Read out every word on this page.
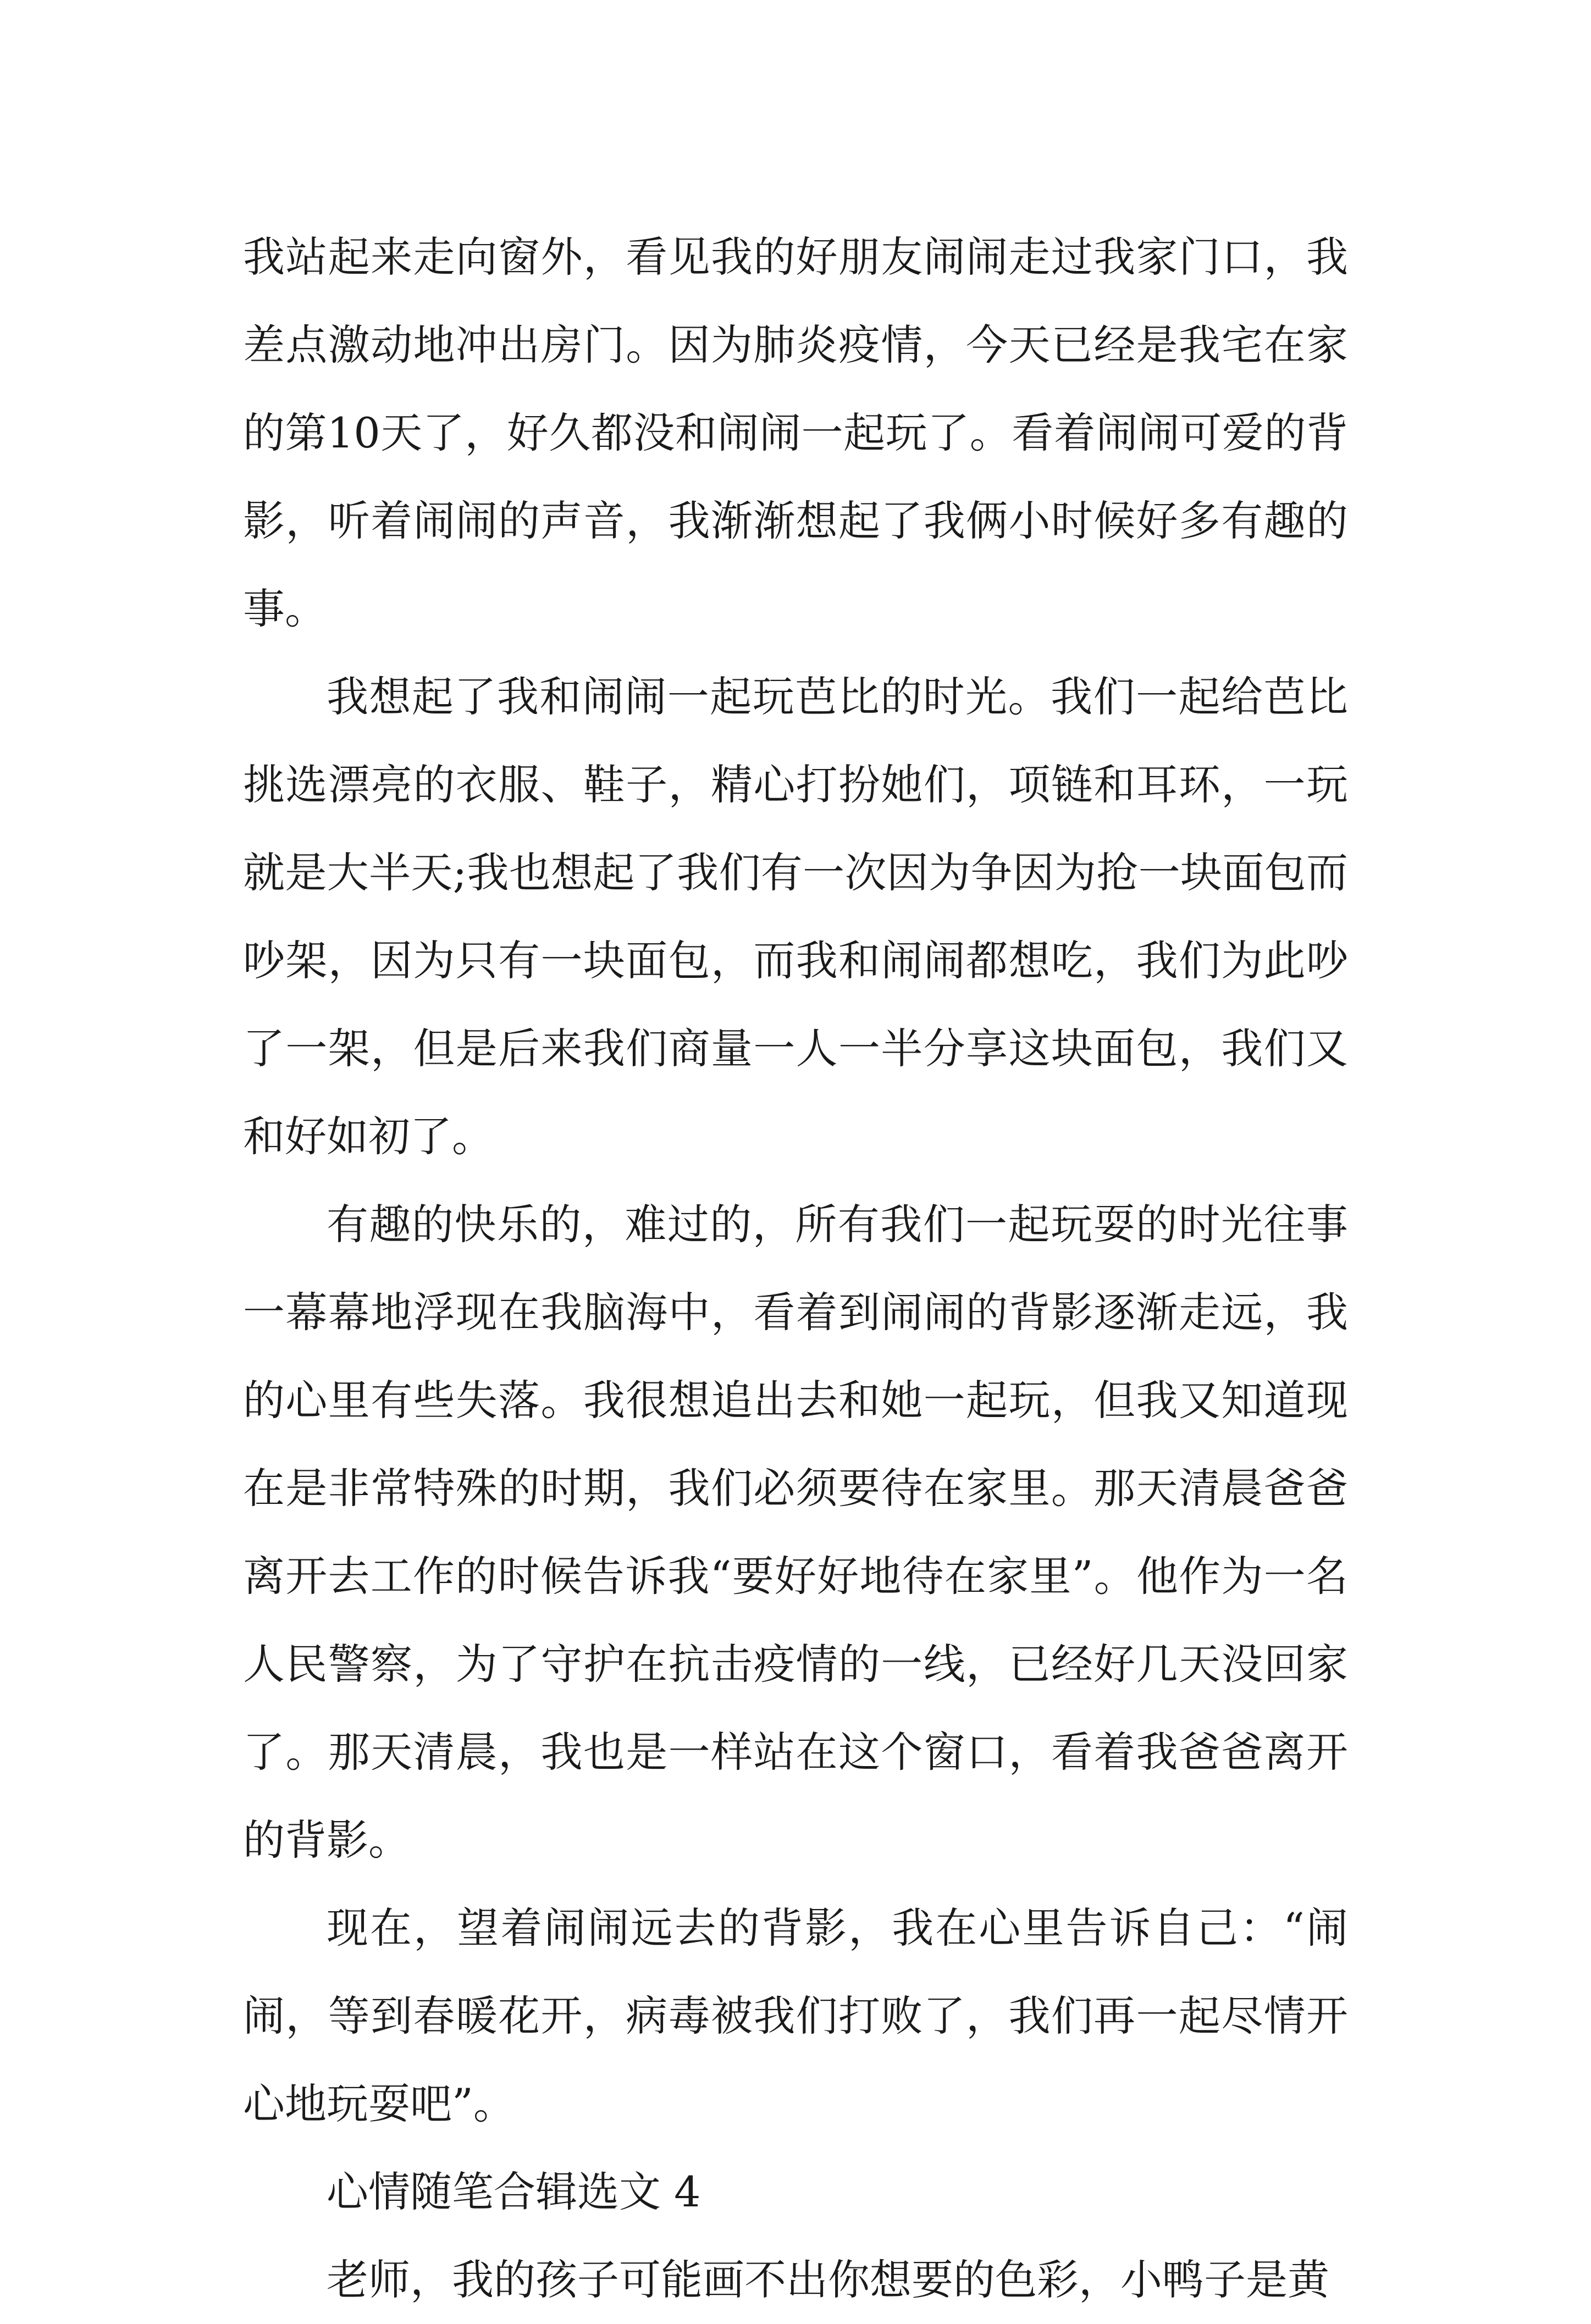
我站起来走向窗外，看见我的好朋友闹闹走过我家门口，我差点激动地冲出房门。因为肺炎疫情，今天已经是我宅在家的第10天了，好久都没和闹闹一起玩了。看着闹闹可爱的背影，听着闹闹的声音，我渐渐想起了我俩小时候好多有趣的事。

我想起了我和闹闹一起玩芭比的时光。我们一起给芭比挑选漂亮的衣服、鞋子，精心打扮她们，项链和耳环，一玩就是大半天;我也想起了我们有一次因为争因为抢一块面包而吵架，因为只有一块面包，而我和闹闹都想吃，我们为此吵了一架，但是后来我们商量一人一半分享这块面包，我们又和好如初了。

有趣的快乐的，难过的，所有我们一起玩耍的时光往事一幕幕地浮现在我脑海中，看着到闹闹的背影逐渐走远，我的心里有些失落。我很想追出去和她一起玩，但我又知道现在是非常特殊的时期，我们必须要待在家里。那天清晨爸爸离开去工作的时候告诉我“要好好地待在家里”。他作为一名人民警察，为了守护在抗击疫情的一线，已经好几天没回家了。那天清晨，我也是一样站在这个窗口，看着我爸爸离开的背影。

现在，望着闹闹远去的背影，我在心里告诉自己：“闹闹，等到春暖花开，病毒被我们打败了，我们再一起尽情开心地玩耍吧”。

心情随笔合辑选文 4

老师，我的孩子可能画不出你想要的色彩，小鸭子是黄
